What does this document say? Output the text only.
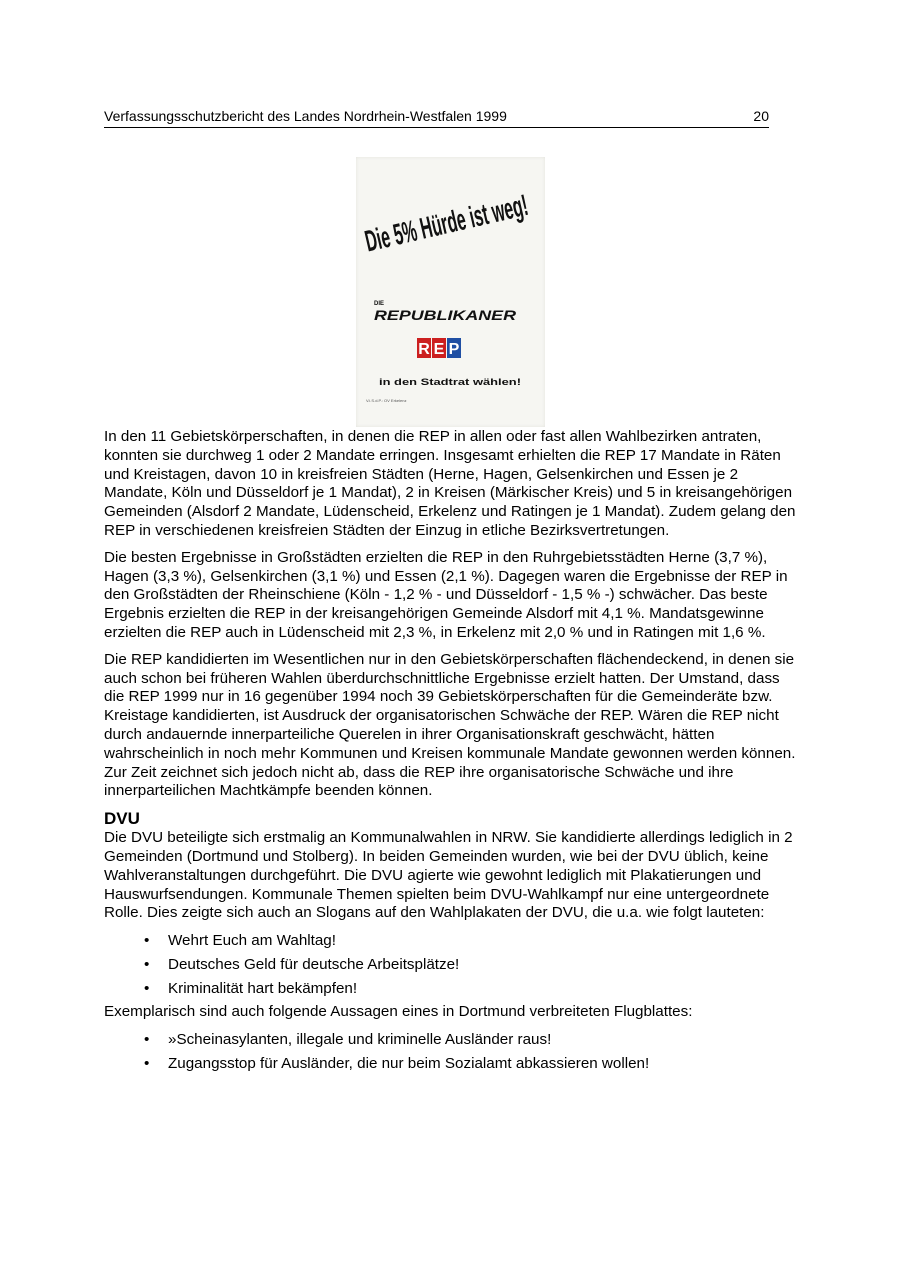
Verfassungsschutzbericht des Landes Nordrhein-Westfalen 1999	20
Die 5% Hürde ist weg!
DIE
REPUBLIKANER
R E P
in den Stadtrat wählen!
V.i.S.d.P.: OV Erkelenz

In den 11 Gebietskörperschaften, in denen die REP in allen oder fast allen Wahlbezirken antraten, konnten sie durchweg 1 oder 2 Mandate erringen. Insgesamt erhielten die REP 17 Mandate in Räten und Kreistagen, davon 10 in kreisfreien Städten (Herne, Hagen, Gelsenkirchen und Essen je 2 Mandate, Köln und Düsseldorf je 1 Mandat), 2 in Kreisen (Märkischer Kreis) und 5 in kreisangehörigen Gemeinden (Alsdorf 2 Mandate, Lüdenscheid, Erkelenz und Ratingen je 1 Mandat). Zudem gelang den REP in verschiedenen kreisfreien Städten der Einzug in etliche Bezirksvertretungen.

Die besten Ergebnisse in Großstädten erzielten die REP in den Ruhrgebietsstädten Herne (3,7 %), Hagen (3,3 %), Gelsenkirchen (3,1 %) und Essen (2,1 %). Dagegen waren die Ergebnisse der REP in den Großstädten der Rheinschiene (Köln - 1,2 % - und Düsseldorf - 1,5 % -) schwächer. Das beste Ergebnis erzielten die REP in der kreisangehörigen Gemeinde Alsdorf mit 4,1 %. Mandatsgewinne erzielten die REP auch in Lüdenscheid mit 2,3 %, in Erkelenz mit 2,0 % und in Ratingen mit 1,6 %.

Die REP kandidierten im Wesentlichen nur in den Gebietskörperschaften flächendeckend, in denen sie auch schon bei früheren Wahlen überdurchschnittliche Ergebnisse erzielt hatten. Der Umstand, dass die REP 1999 nur in 16 gegenüber 1994 noch 39 Gebietskörperschaften für die Gemeinderäte bzw. Kreistage kandidierten, ist Ausdruck der organisatorischen Schwäche der REP. Wären die REP nicht durch andauernde innerparteiliche Querelen in ihrer Organisationskraft geschwächt, hätten wahrscheinlich in noch mehr Kommunen und Kreisen kommunale Mandate gewonnen werden können. Zur Zeit zeichnet sich jedoch nicht ab, dass die REP ihre organisatorische Schwäche und ihre innerparteilichen Machtkämpfe beenden können.

DVU

Die DVU beteiligte sich erstmalig an Kommunalwahlen in NRW. Sie kandidierte allerdings lediglich in 2 Gemeinden (Dortmund und Stolberg). In beiden Gemeinden wurden, wie bei der DVU üblich, keine Wahlveranstaltungen durchgeführt. Die DVU agierte wie gewohnt lediglich mit Plakatierungen und Hauswurfsendungen. Kommunale Themen spielten beim DVU-Wahlkampf nur eine untergeordnete Rolle. Dies zeigte sich auch an Slogans auf den Wahlplakaten der DVU, die u.a. wie folgt lauteten:

• Wehrt Euch am Wahltag!
• Deutsches Geld für deutsche Arbeitsplätze!
• Kriminalität hart bekämpfen!

Exemplarisch sind auch folgende Aussagen eines in Dortmund verbreiteten Flugblattes:

• »Scheinasylanten, illegale und kriminelle Ausländer raus!
• Zugangsstop für Ausländer, die nur beim Sozialamt abkassieren wollen!
